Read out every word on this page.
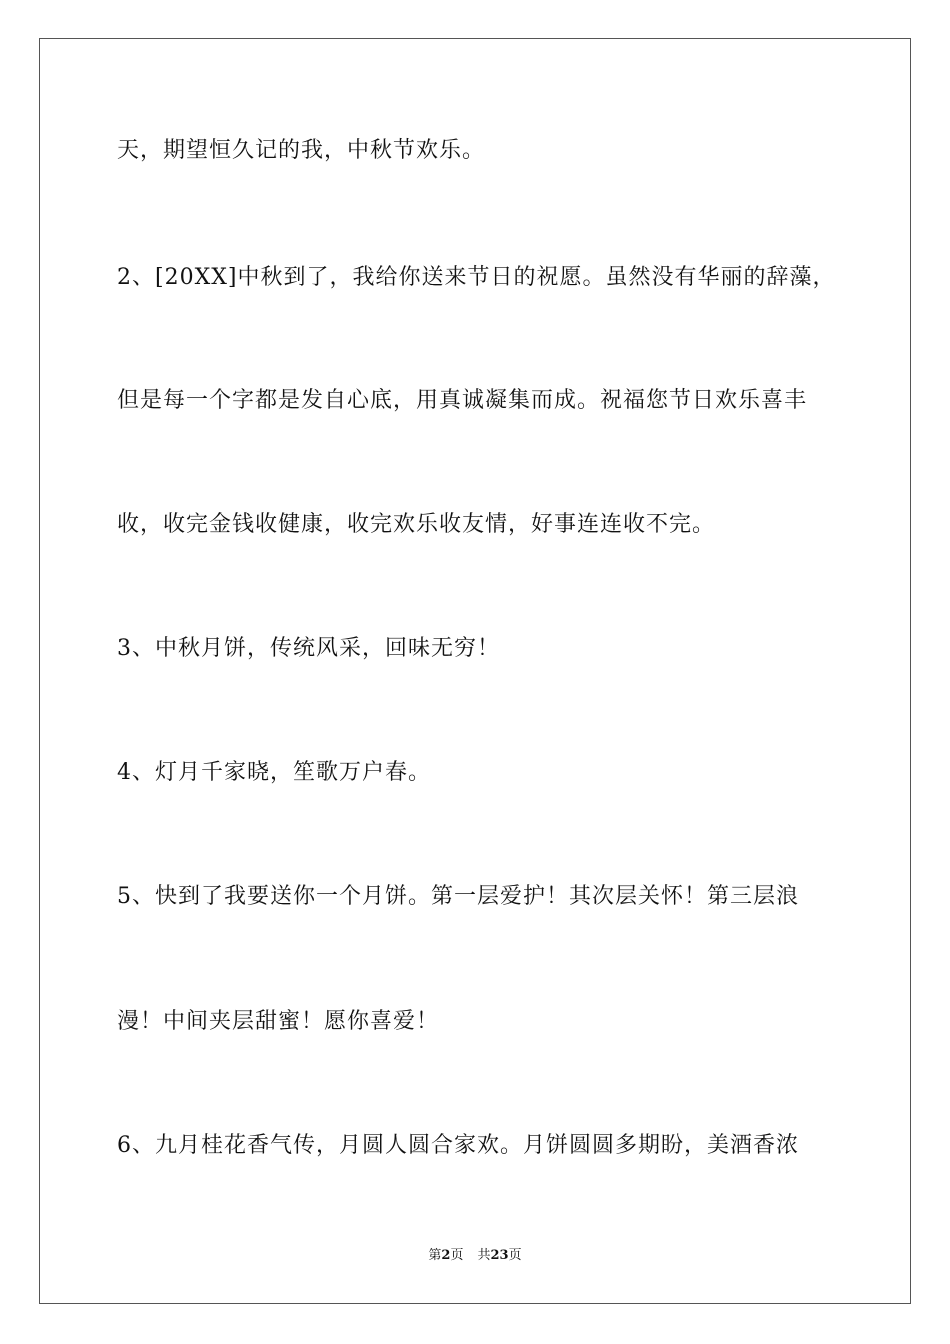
天，期望恒久记的我，中秋节欢乐。
2、[20XX]中秋到了，我给你送来节日的祝愿。虽然没有华丽的辞藻，
但是每一个字都是发自心底，用真诚凝集而成。祝福您节日欢乐喜丰
收，收完金钱收健康，收完欢乐收友情，好事连连收不完。
3、中秋月饼，传统风采，回味无穷！
4、灯月千家晓，笙歌万户春。
5、快到了我要送你一个月饼。第一层爱护！其次层关怀！第三层浪
漫！中间夹层甜蜜！愿你喜爱！
6、九月桂花香气传，月圆人圆合家欢。月饼圆圆多期盼，美酒香浓
第2页 共23页
